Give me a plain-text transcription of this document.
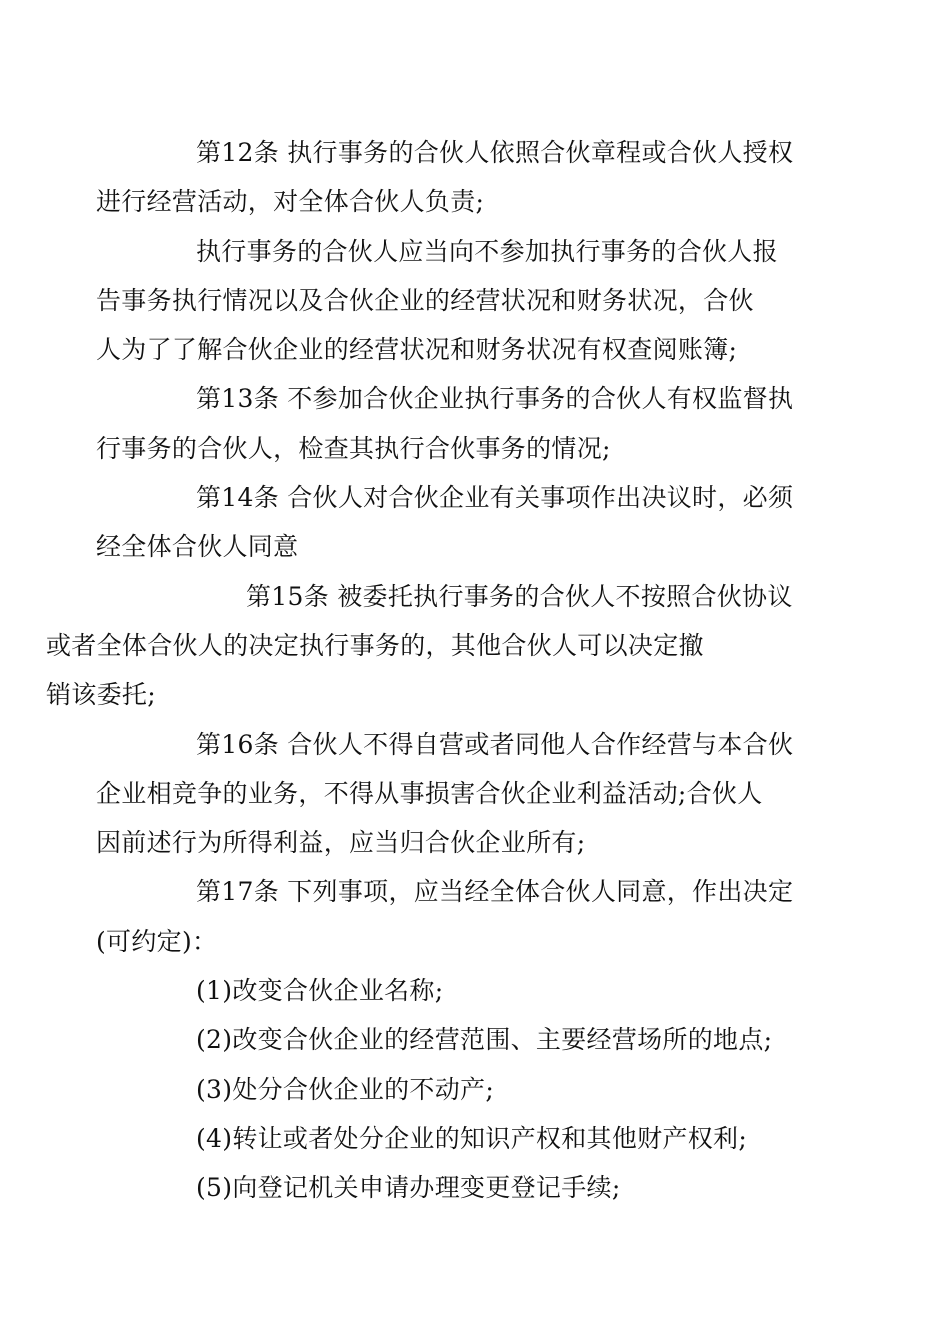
第12条 执行事务的合伙人依照合伙章程或合伙人授权
进行经营活动，对全体合伙人负责;

执行事务的合伙人应当向不参加执行事务的合伙人报
告事务执行情况以及合伙企业的经营状况和财务状况，合伙
人为了了解合伙企业的经营状况和财务状况有权查阅账簿;

第13条 不参加合伙企业执行事务的合伙人有权监督执
行事务的合伙人，检查其执行合伙事务的情况;

第14条 合伙人对合伙企业有关事项作出决议时，必须
经全体合伙人同意

第15条 被委托执行事务的合伙人不按照合伙协议
或者全体合伙人的决定执行事务的，其他合伙人可以决定撤
销该委托;

第16条 合伙人不得自营或者同他人合作经营与本合伙
企业相竞争的业务，不得从事损害合伙企业利益活动;合伙人
因前述行为所得利益，应当归合伙企业所有;

第17条 下列事项，应当经全体合伙人同意，作出决定
(可约定)：

(1)改变合伙企业名称;

(2)改变合伙企业的经营范围、主要经营场所的地点;

(3)处分合伙企业的不动产;

(4)转让或者处分企业的知识产权和其他财产权利;

(5)向登记机关申请办理变更登记手续;
